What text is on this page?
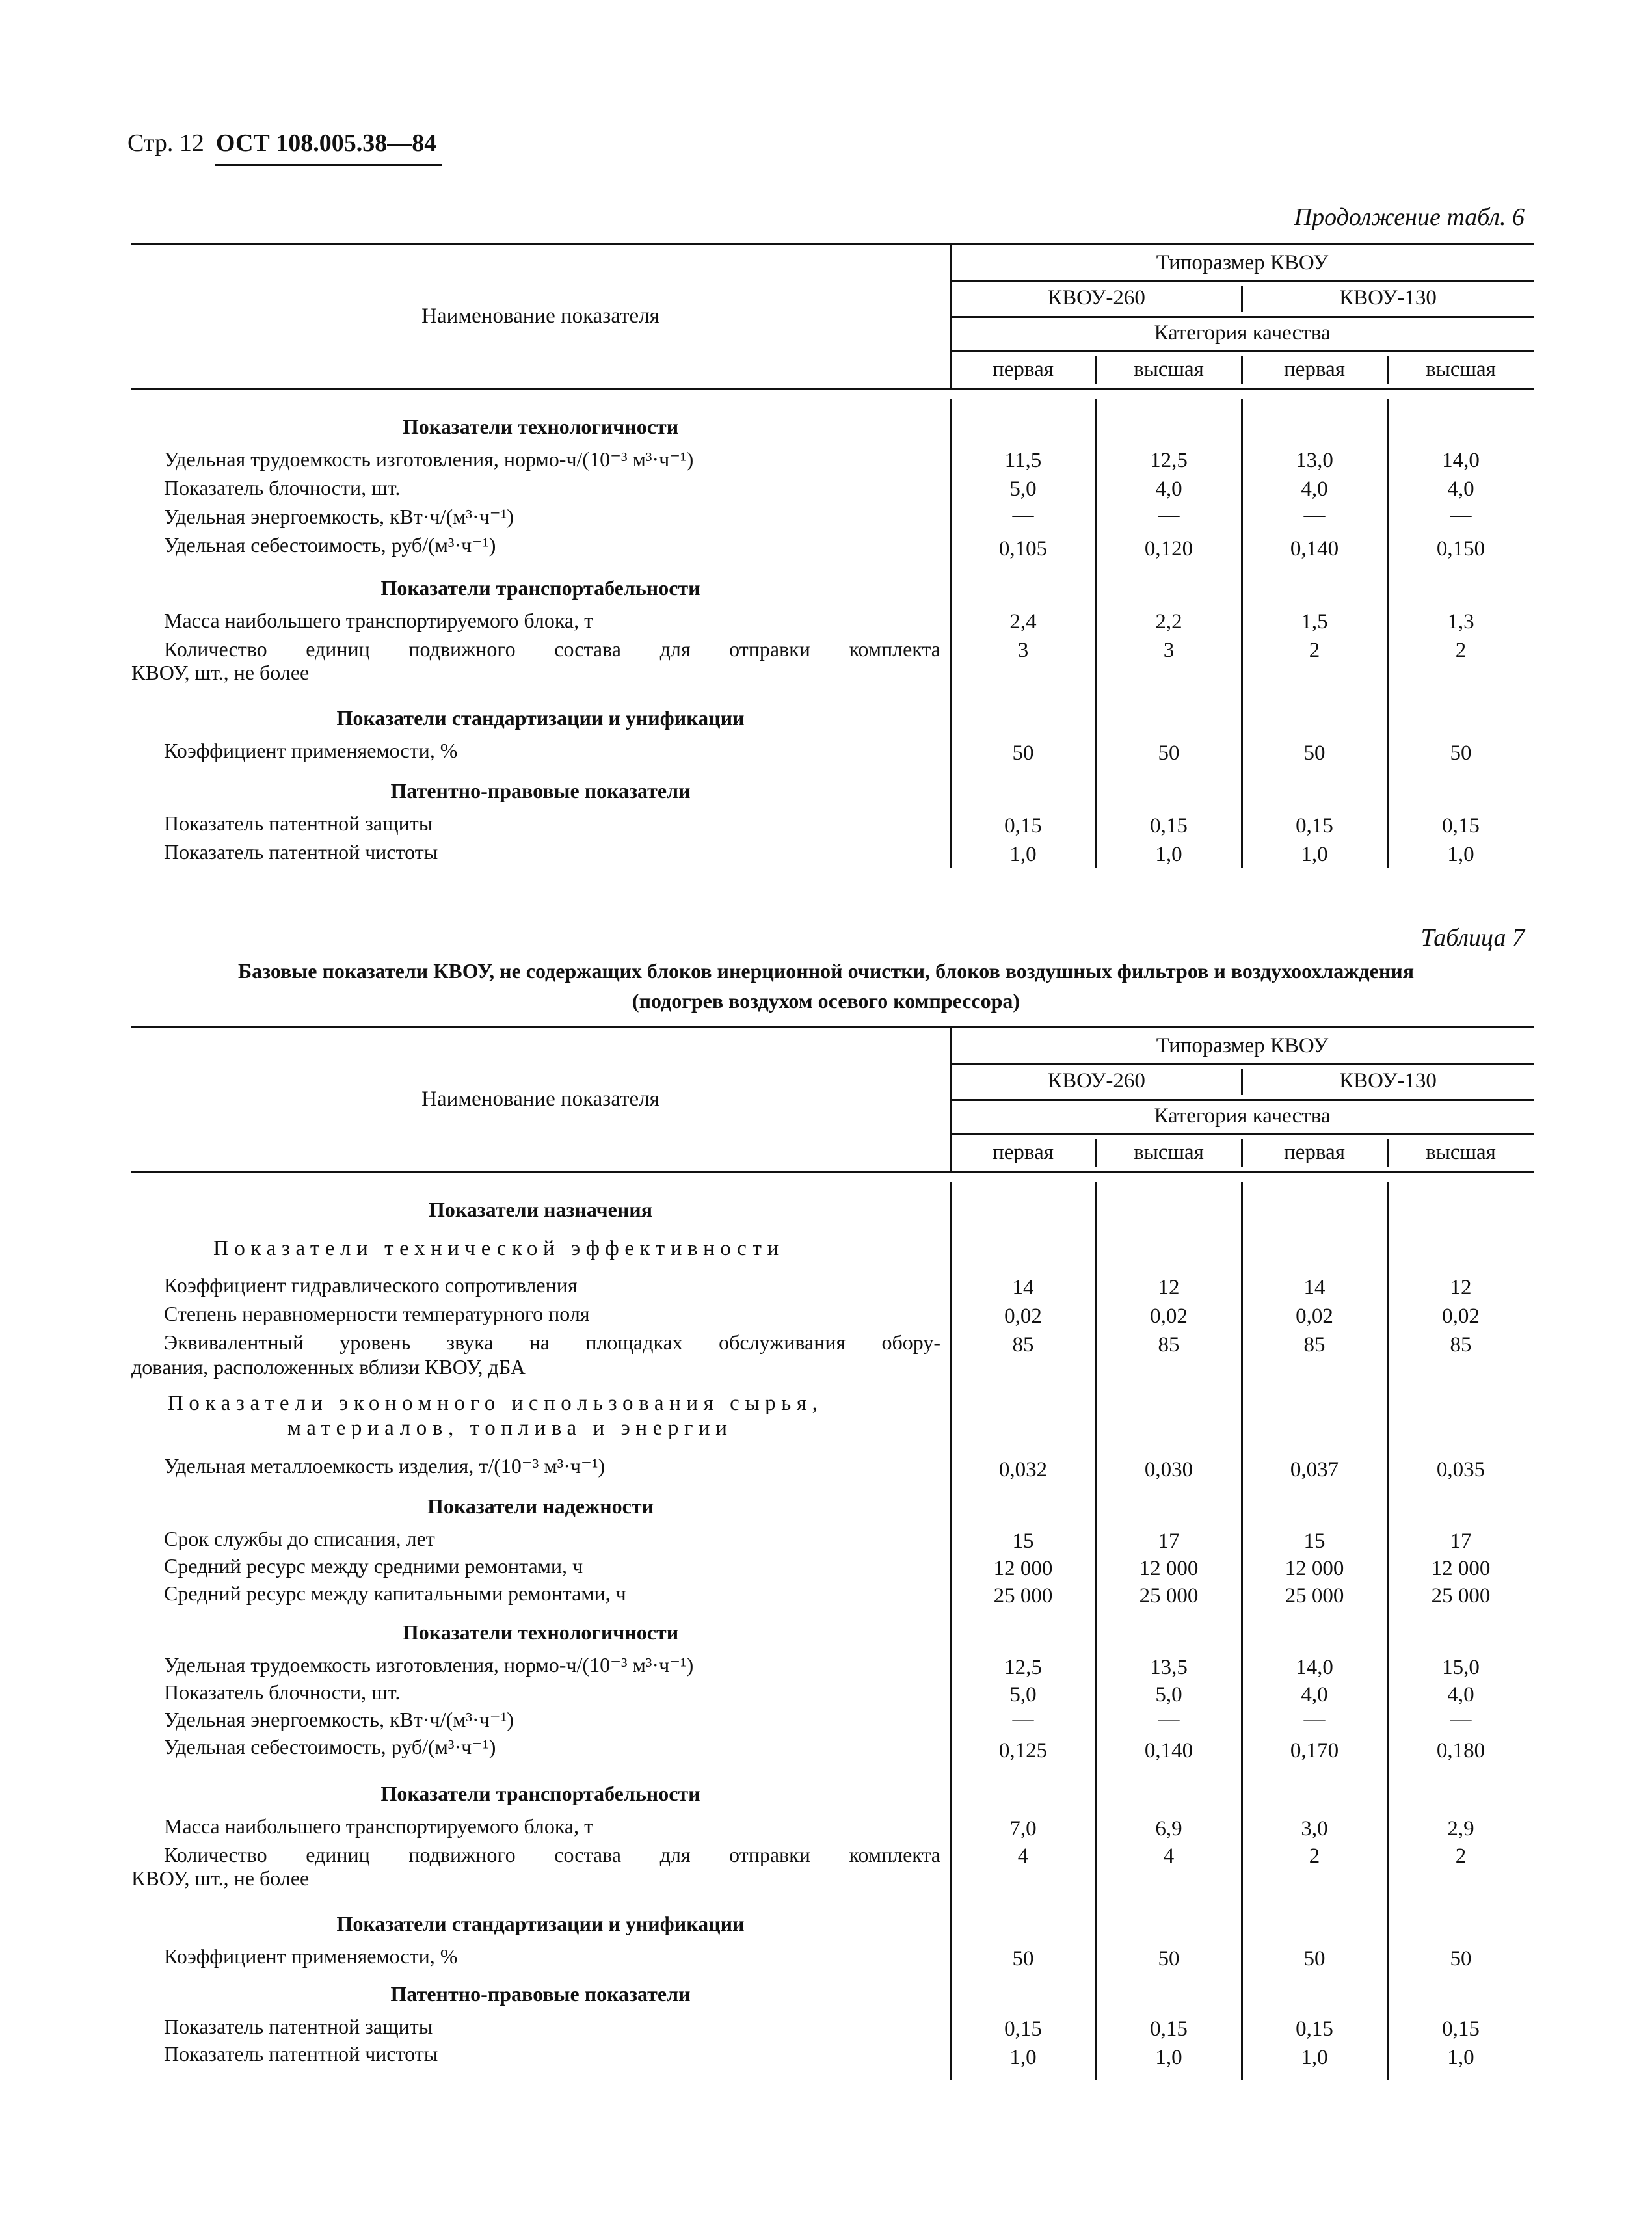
Стр. 12 ОСТ 108.005.38—84
Продолжение табл. 6
Наименование показателя
Типоразмер КВОУ
КВОУ-260	КВОУ-130
Категория качества
первая	высшая	первая	высшая
Показатели технологичности
Удельная трудоемкость изготовления, нормо-ч/(10⁻³ м³·ч⁻¹)	11,5	12,5	13,0	14,0
Показатель блочности, шт.	5,0	4,0	4,0	4,0
Удельная энергоемкость, кВт·ч/(м³·ч⁻¹)	—	—	—	—
Удельная себестоимость, руб/(м³·ч⁻¹)	0,105	0,120	0,140	0,150
Показатели транспортабельности
Масса наибольшего транспортируемого блока, т	2,4	2,2	1,5	1,3
Количество единиц подвижного состава для отправки комплекта
КВОУ, шт., не более
3	3	2	2
Показатели стандартизации и унификации
Коэффициент применяемости, %	50	50	50	50
Патентно-правовые показатели
Показатель патентной защиты	0,15	0,15	0,15	0,15
Показатель патентной чистоты	1,0	1,0	1,0	1,0
Таблица 7
Базовые показатели КВОУ, не содержащих блоков инерционной очистки, блоков воздушных фильтров и воздухоохлаждения
(подогрев воздухом осевого компрессора)
Наименование показателя
Типоразмер КВОУ
КВОУ-260	КВОУ-130
Категория качества
первая	высшая	первая	высшая
Показатели назначения
Показатели технической эффективности
Коэффициент гидравлического сопротивления	14	12	14	12
Степень неравномерности температурного поля	0,02	0,02	0,02	0,02
Эквивалентный уровень звука на площадках обслуживания обору-
дования, расположенных вблизи КВОУ, дБА
85	85	85	85
Показатели экономного использования сырья,
материалов, топлива и энергии
Удельная металлоемкость изделия, т/(10⁻³ м³·ч⁻¹)	0,032	0,030	0,037	0,035
Показатели надежности
Срок службы до списания, лет	15	17	15	17
Средний ресурс между средними ремонтами, ч	12 000	12 000	12 000	12 000
Средний ресурс между капитальными ремонтами, ч	25 000	25 000	25 000	25 000
Показатели технологичности
Удельная трудоемкость изготовления, нормо-ч/(10⁻³ м³·ч⁻¹)	12,5	13,5	14,0	15,0
Показатель блочности, шт.	5,0	5,0	4,0	4,0
Удельная энергоемкость, кВт·ч/(м³·ч⁻¹)	—	—	—	—
Удельная себестоимость, руб/(м³·ч⁻¹)	0,125	0,140	0,170	0,180
Показатели транспортабельности
Масса наибольшего транспортируемого блока, т	7,0	6,9	3,0	2,9
Количество единиц подвижного состава для отправки комплекта
КВОУ, шт., не более
4	4	2	2
Показатели стандартизации и унификации
Коэффициент применяемости, %	50	50	50	50
Патентно-правовые показатели
Показатель патентной защиты	0,15	0,15	0,15	0,15
Показатель патентной чистоты	1,0	1,0	1,0	1,0
